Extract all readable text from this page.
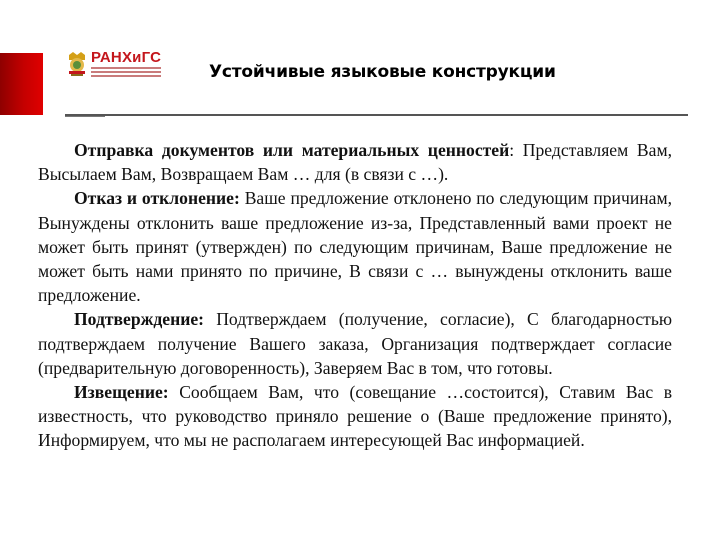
РАНХиГС
Устойчивые языковые конструкции

Отправка документов или материальных ценностей: Представляем Вам, Высылаем Вам, Возвращаем Вам … для (в связи с …).

Отказ и отклонение: Ваше предложение отклонено по следующим причинам, Вынуждены отклонить ваше предложение из-за, Представленный вами проект не может быть принят (утвержден) по следующим причинам, Ваше предложение не может быть нами принято по причине, В связи с … вынуждены отклонить ваше предложение.

Подтверждение: Подтверждаем (получение, согласие), С благодарностью подтверждаем получение Вашего заказа, Организация подтверждает согласие (предварительную договоренность), Заверяем Вас в том, что готовы.

Извещение: Сообщаем Вам, что (совещание …состоится), Ставим Вас в известность, что руководство приняло решение о (Ваше предложение принято), Информируем, что мы не располагаем интересующей Вас информацией.
